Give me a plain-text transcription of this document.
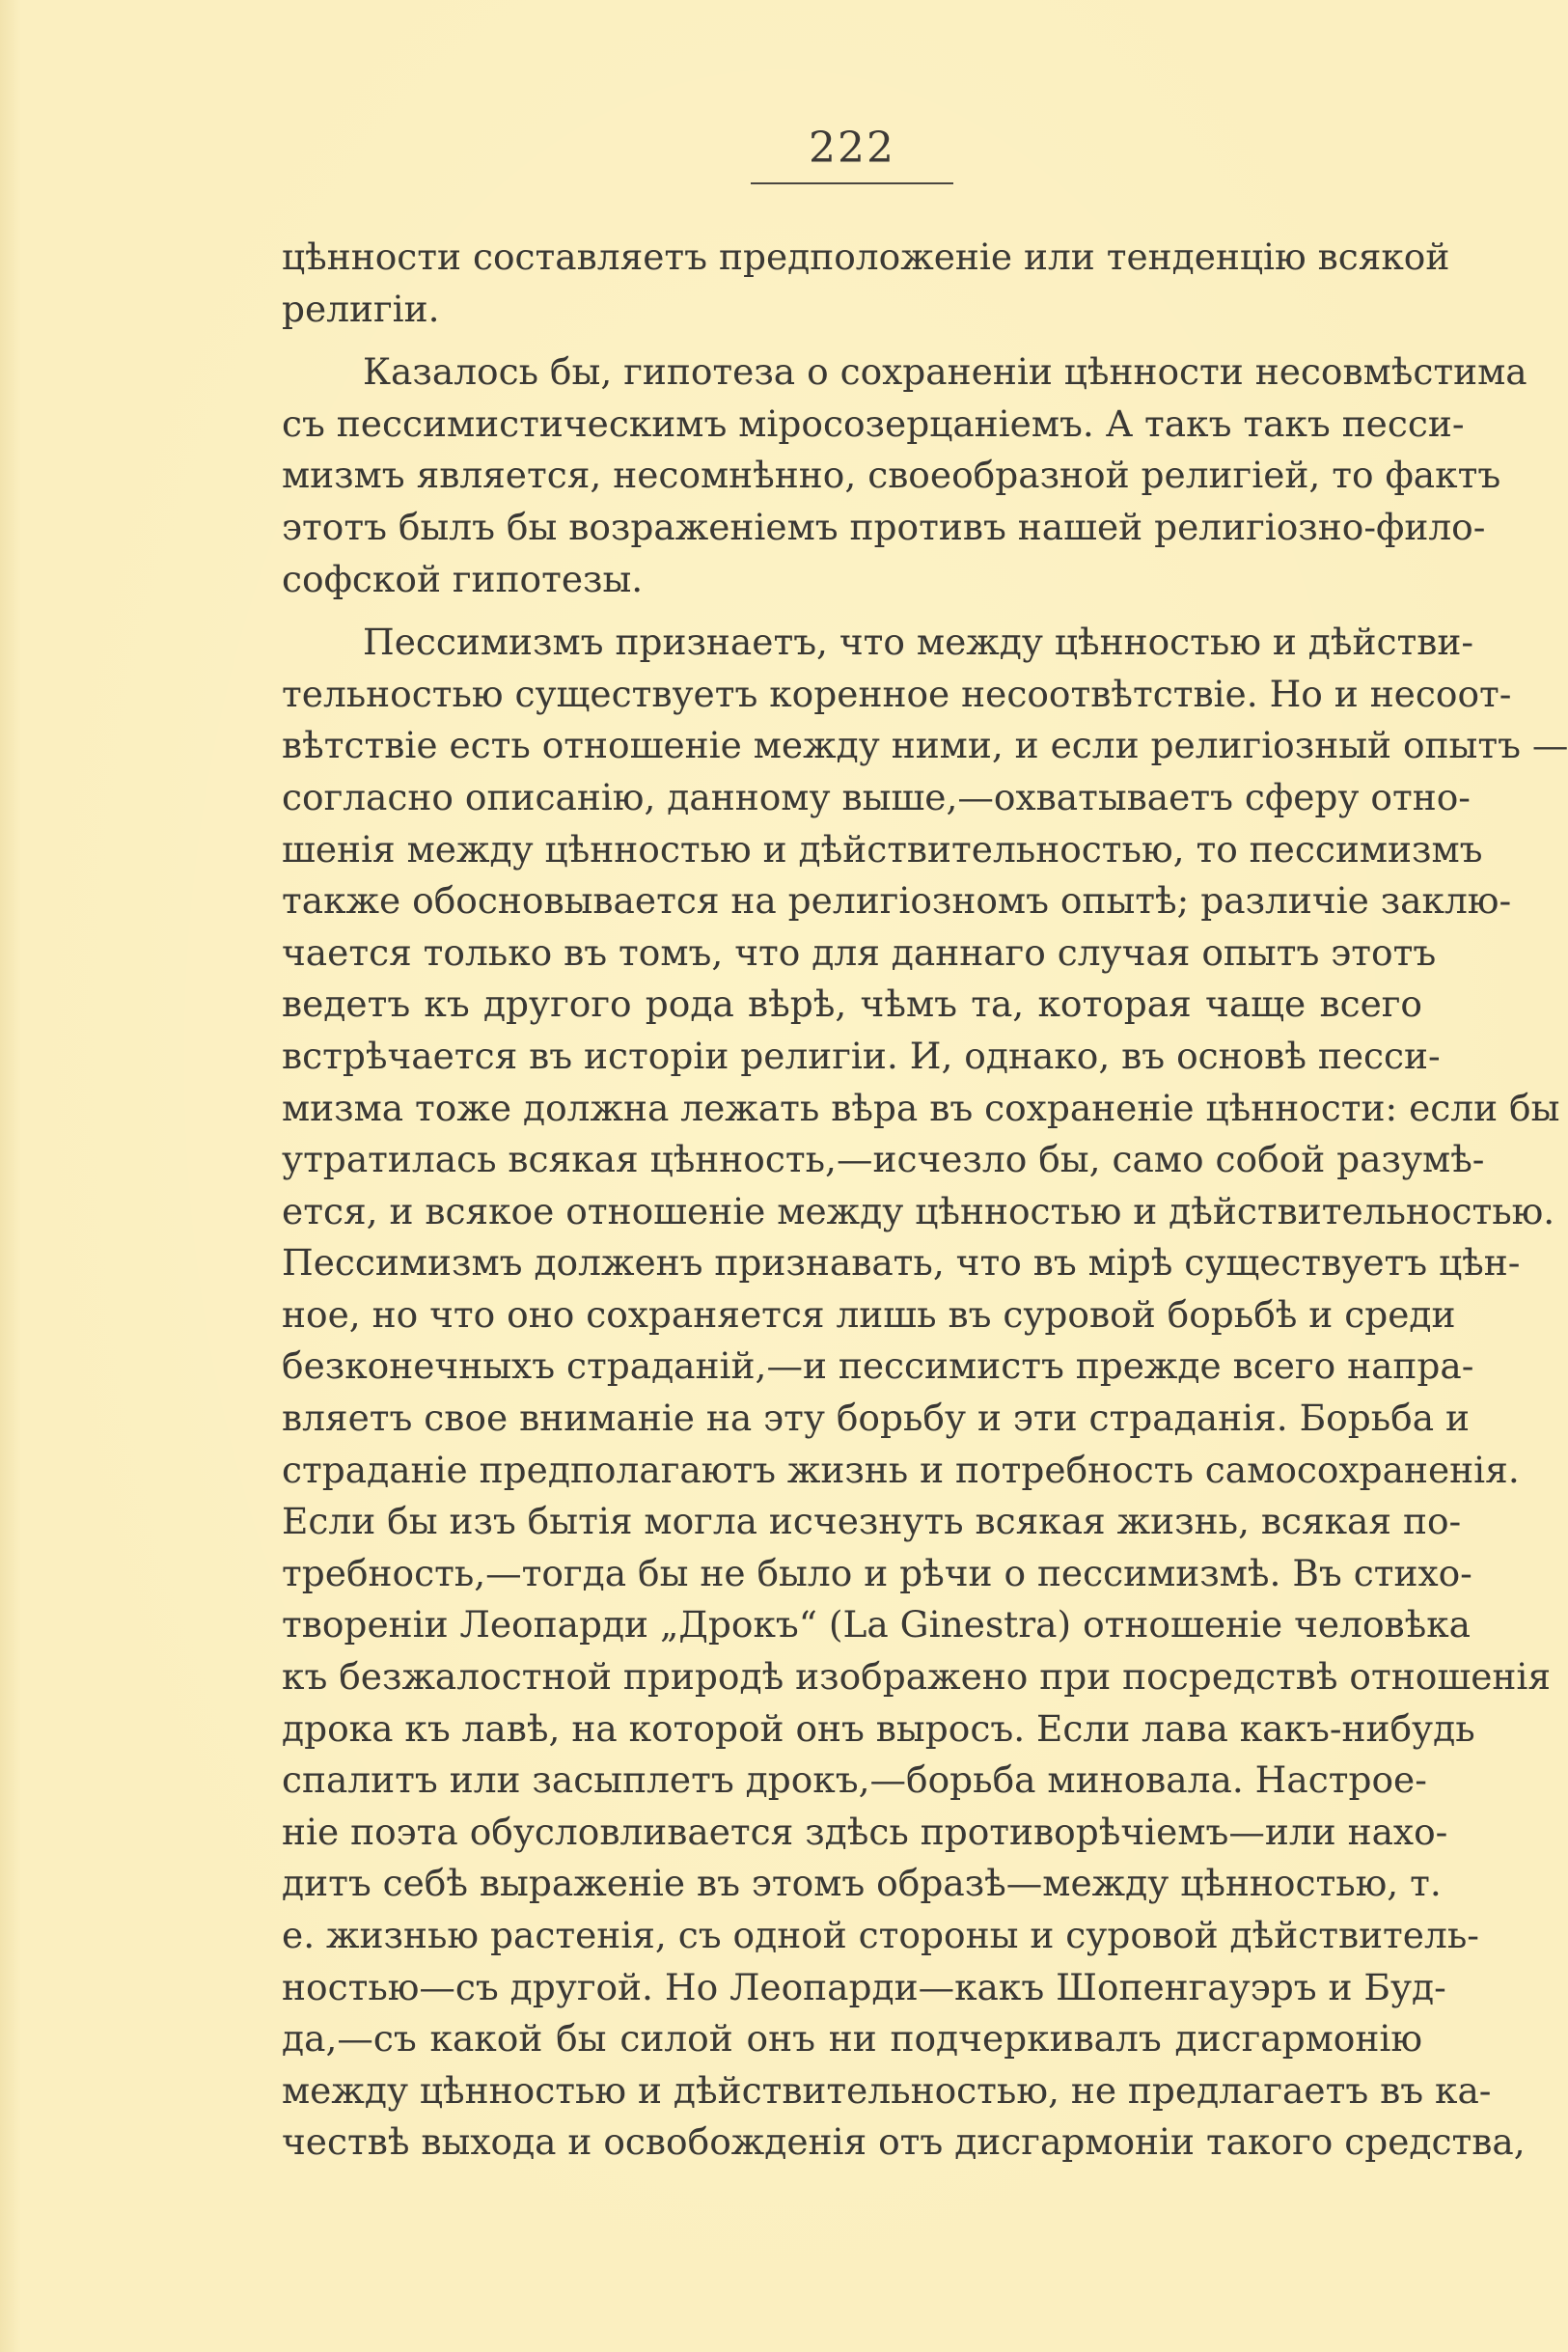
222
цѣнности составляетъ предположеніе или тенденцію всякой
религіи.
Казалось бы, гипотеза о сохраненіи цѣнности несовмѣстима
съ пессимистическимъ міросозерцаніемъ. А такъ такъ песси-
мизмъ является, несомнѣнно, своеобразной религіей, то фактъ
этотъ былъ бы возраженіемъ противъ нашей религіозно-фило-
софской гипотезы.
Пессимизмъ признаетъ, что между цѣнностью и дѣйстви-
тельностью существуетъ коренное несоотвѣтствіе. Но и несоот-
вѣтствіе есть отношеніе между ними, и если религіозный опытъ —
согласно описанію, данному выше,—охватываетъ сферу отно-
шенія между цѣнностью и дѣйствительностью, то пессимизмъ
также обосновывается на религіозномъ опытѣ; различіе заклю-
чается только въ томъ, что для даннаго случая опытъ этотъ
ведетъ къ другого рода вѣрѣ, чѣмъ та, которая чаще всего
встрѣчается въ исторіи религіи. И, однако, въ основѣ песси-
мизма тоже должна лежать вѣра въ сохраненіе цѣнности: если бы
утратилась всякая цѣнность,—исчезло бы, само собой разумѣ-
ется, и всякое отношеніе между цѣнностью и дѣйствительностью.
Пессимизмъ долженъ признавать, что въ мірѣ существуетъ цѣн-
ное, но что оно сохраняется лишь въ суровой борьбѣ и среди
безконечныхъ страданій,—и пессимистъ прежде всего напра-
вляетъ свое вниманіе на эту борьбу и эти страданія. Борьба и
страданіе предполагаютъ жизнь и потребность самосохраненія.
Если бы изъ бытія могла исчезнуть всякая жизнь, всякая по-
требность,—тогда бы не было и рѣчи о пессимизмѣ. Въ стихо-
твореніи Леопарди „Дрокъ“ (La Ginestra) отношеніе человѣка
къ безжалостной природѣ изображено при посредствѣ отношенія
дрока къ лавѣ, на которой онъ выросъ. Если лава какъ-нибудь
спалитъ или засыплетъ дрокъ,—борьба миновала. Настрое-
ніе поэта обусловливается здѣсь противорѣчіемъ—или нахо-
дитъ себѣ выраженіе въ этомъ образѣ—между цѣнностью, т.
е. жизнью растенія, съ одной стороны и суровой дѣйствитель-
ностью—съ другой. Но Леопарди—какъ Шопенгауэръ и Буд-
да,—съ какой бы силой онъ ни подчеркивалъ дисгармонію
между цѣнностью и дѣйствительностью, не предлагаетъ въ ка-
чествѣ выхода и освобожденія отъ дисгармоніи такого средства,
